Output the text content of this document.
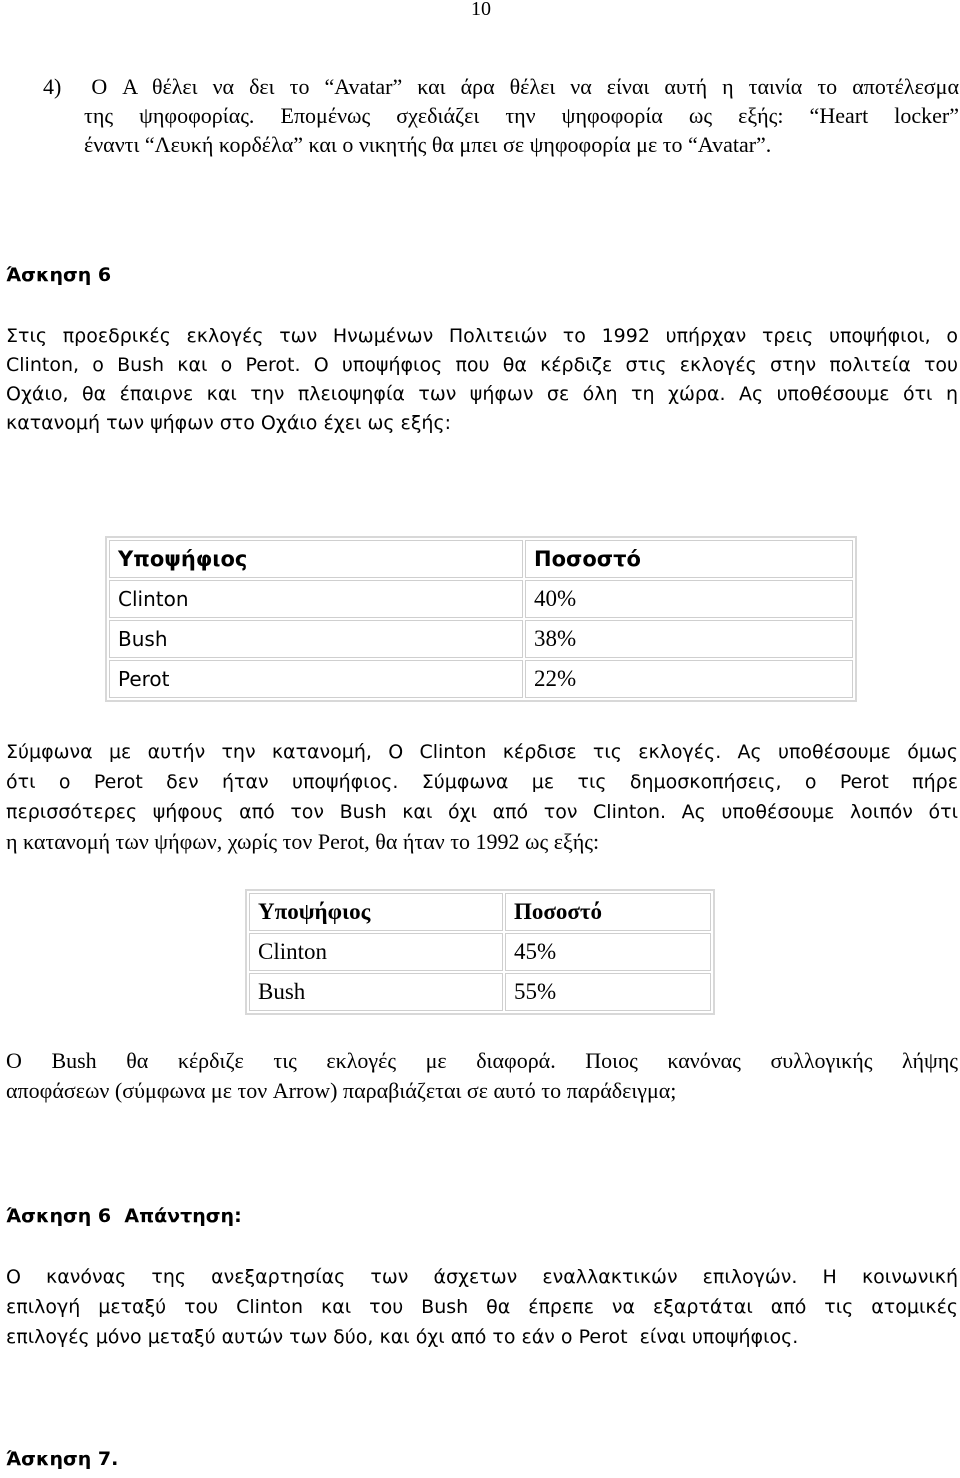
10
4)  O A θέλει να δει το “Avatar” και άρα θέλει να είναι αυτή η ταινία το αποτέλεσμα
της ψηφοφορίας. Επομένως σχεδιάζει την ψηφοφορία ως εξής: “Heart locker”
έναντι “Λευκή κορδέλα” και ο νικητής θα μπει σε ψηφοφορία με το “Avatar”.
Άσκηση 6
Στις προεδρικές εκλογές των Ηνωμένων Πολιτειών το 1992 υπήρχαν τρεις υποψήφιοι, ο
Clinton, ο Bush και ο Perot. Ο υποψήφιος που θα κέρδιζε στις εκλογές στην πολιτεία του
Οχάιο, θα έπαιρνε και την πλειοψηφία των ψήφων σε όλη τη χώρα. Ας υποθέσουμε ότι η
κατανομή των ψήφων στο Οχάιο έχει ως εξής:
Υποψήφιος	Ποσοστό
Clinton	40%
Bush	38%
Perot	22%
Σύμφωνα με αυτήν την κατανομή, Ο Clinton κέρδισε τις εκλογές. Ας υποθέσουμε όμως
ότι ο Perot δεν ήταν υποψήφιος. Σύμφωνα με τις δημοσκοπήσεις, ο Perot πήρε
περισσότερες ψήφους από τον Bush και όχι από τον Clinton. Ας υποθέσουμε λοιπόν ότι
η κατανομή των ψήφων, χωρίς τον Perot, θα ήταν το 1992 ως εξής:
Υποψήφιος	Ποσοστό
Clinton	45%
Bush	55%
Ο Bush θα κέρδιζε τις εκλογές με διαφορά. Ποιος κανόνας συλλογικής λήψης
αποφάσεων (σύμφωνα με τον Arrow) παραβιάζεται σε αυτό το παράδειγμα;
Άσκηση 6  Απάντηση:
Ο κανόνας της ανεξαρτησίας των άσχετων εναλλακτικών επιλογών. Η κοινωνική
επιλογή μεταξύ του Clinton και του Bush θα έπρεπε να εξαρτάται από τις ατομικές
επιλογές μόνο μεταξύ αυτών των δύο, και όχι από το εάν ο Perot  είναι υποψήφιος.
Άσκηση 7.
